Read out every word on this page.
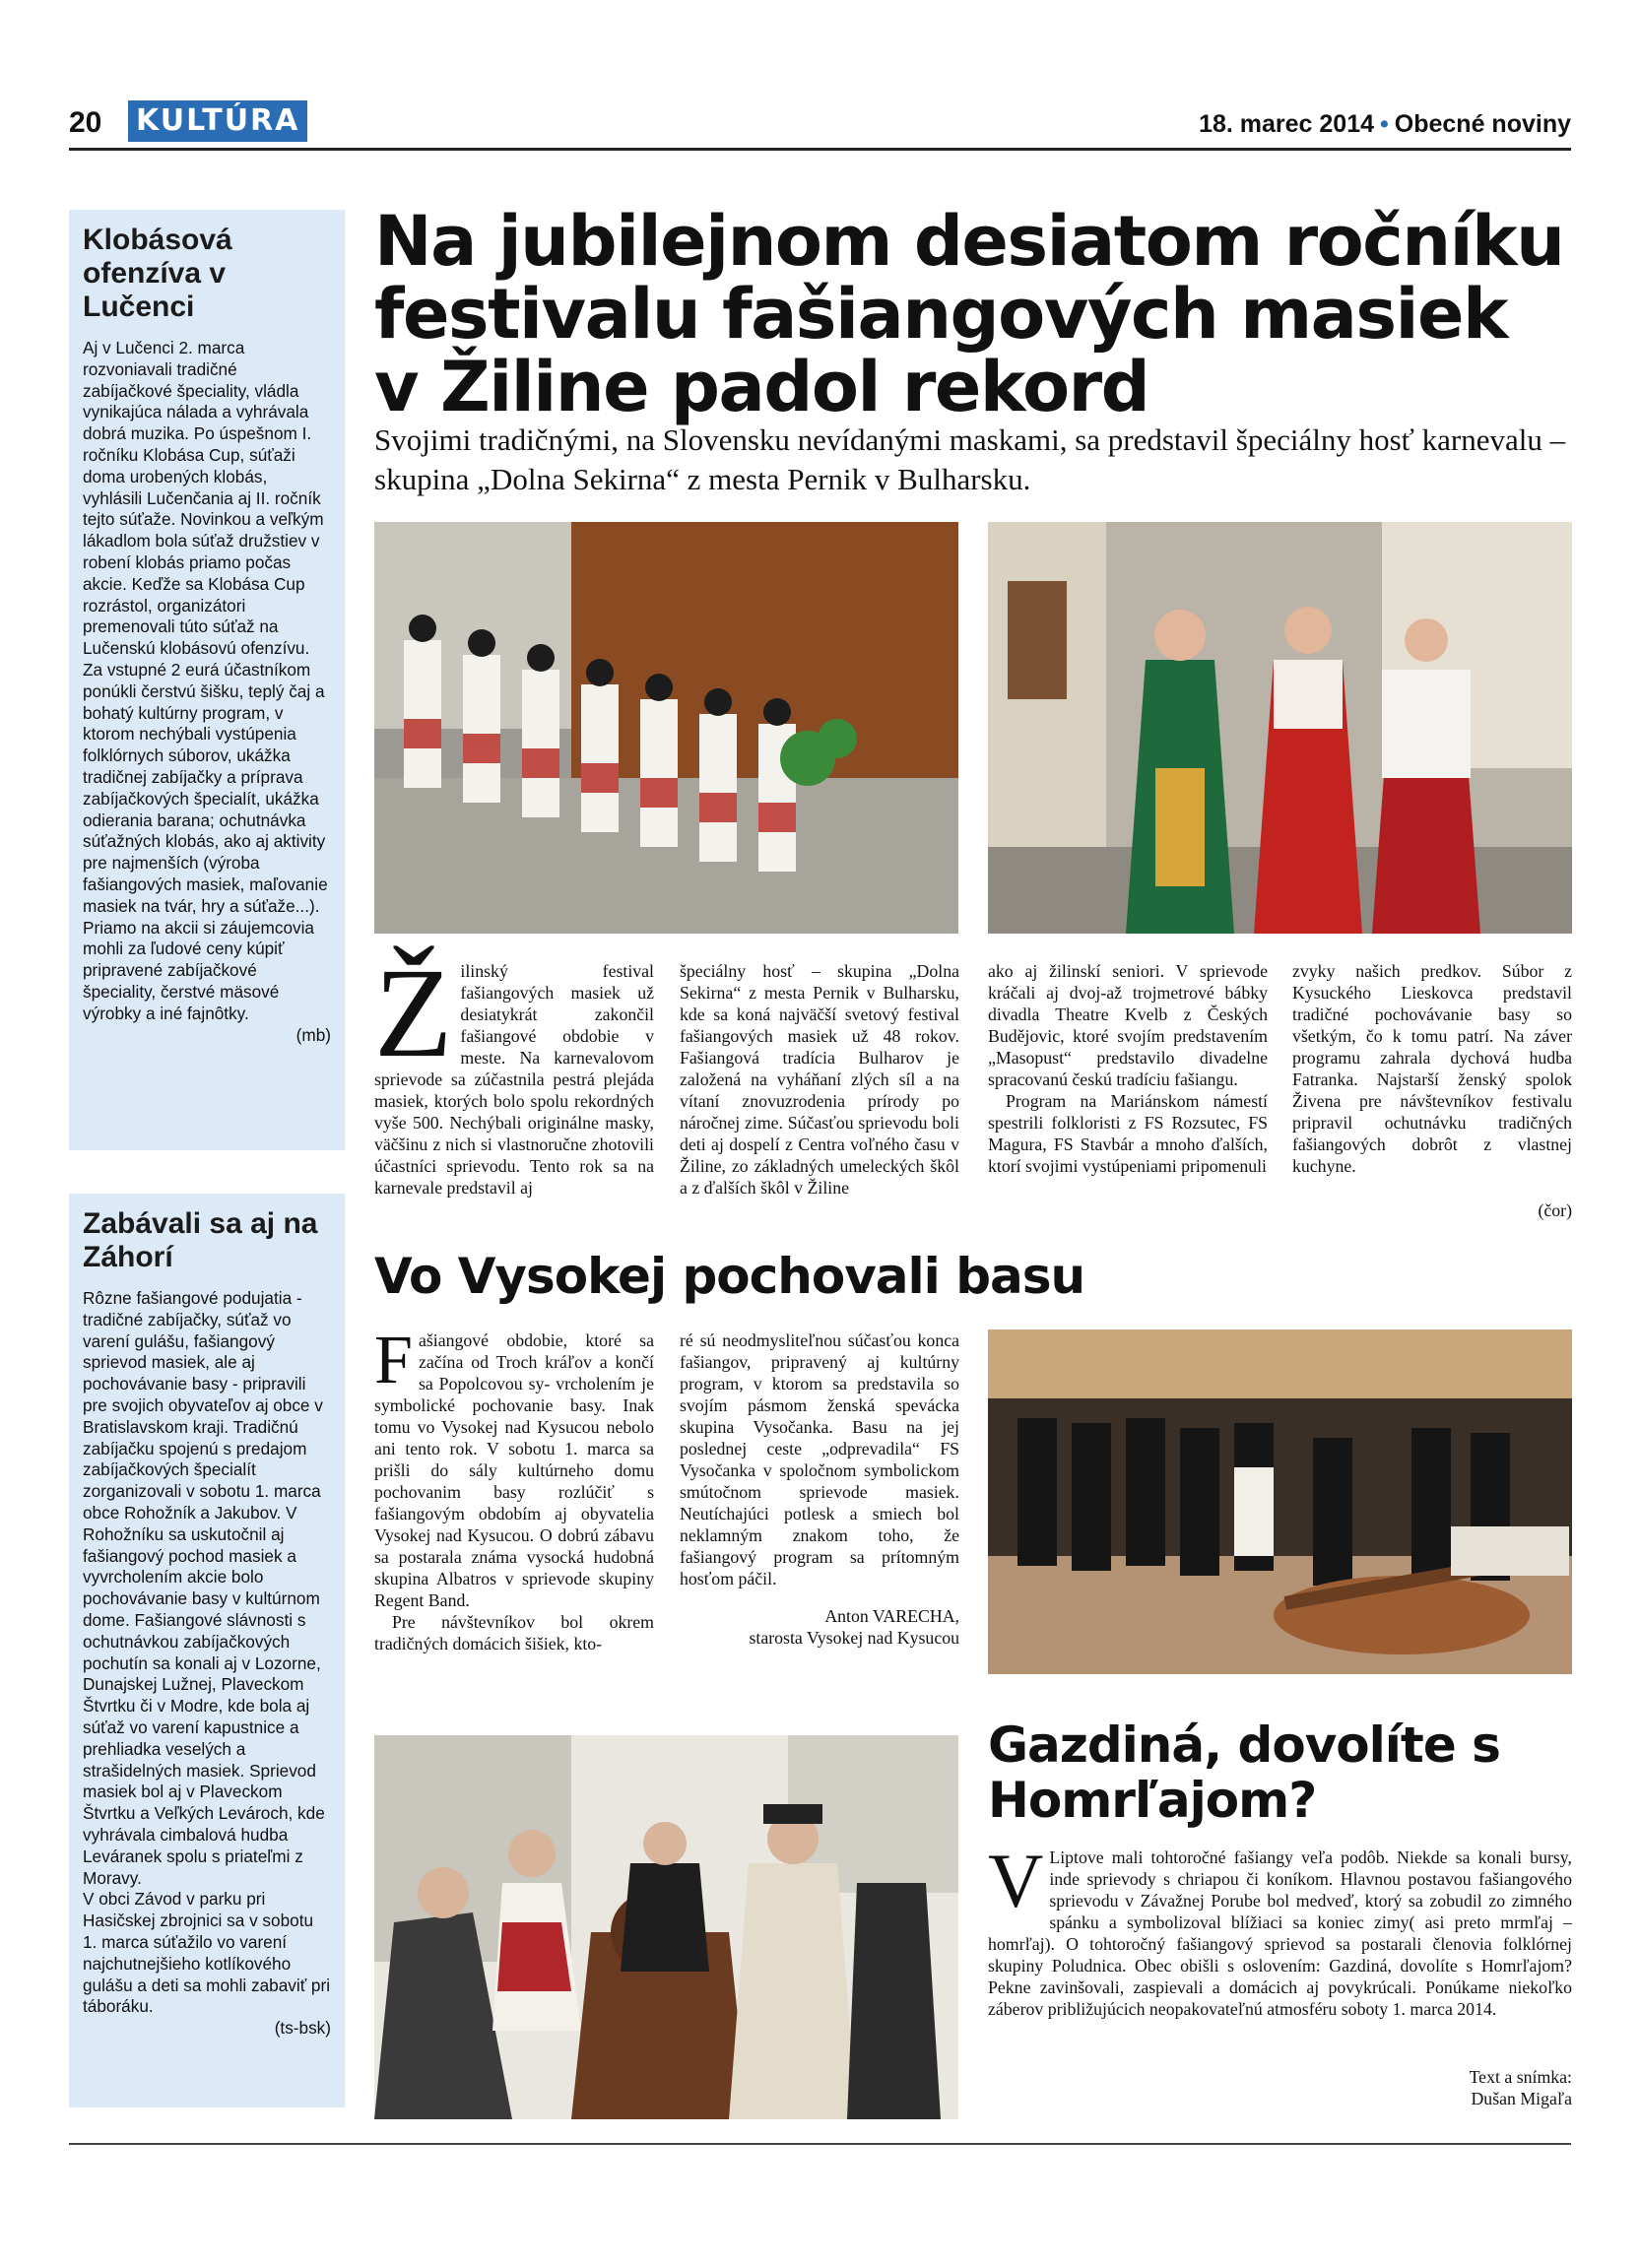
20 KULTÚRA	18. marec 2014 • Obecné noviny
Klobásová ofenzíva v Lučenci

Aj v Lučenci 2. marca rozvoniavali tradičné zabíjačkové špeciality, vládla vynikajúca nálada a vyhrávala dobrá muzika. Po úspešnom I. ročníku Klobása Cup, súťaži doma urobených klobás, vyhlásili Lučenčania aj II. ročník tejto súťaže. Novinkou a veľkým lákadlom bola súťaž družstiev v robení klobás priamo počas akcie. Keďže sa Klobása Cup rozrástol, organizátori premenovali túto súťaž na Lučenskú klobásovú ofenzívu. Za vstupné 2 eurá účastníkom ponúkli čerstvú šišku, teplý čaj a bohatý kultúrny program, v ktorom nechýbali vystúpenia folklórnych súborov, ukážka tradičnej zabíjačky a príprava zabíjačkových špecialít, ukážka odierania barana; ochutnávka súťažných klobás, ako aj aktivity pre najmenších (výroba fašiangových masiek, maľovanie masiek na tvár, hry a súťaže...). Priamo na akcii si záujemcovia mohli za ľudové ceny kúpiť pripravené zabíjačkové špeciality, čerstvé mäsové výrobky a iné fajnôtky.

(mb)

Zabávali sa aj na Záhorí

Rôzne fašiangové podujatia - tradičné zabíjačky, súťaž vo varení gulášu, fašiangový sprievod masiek, ale aj pochovávanie basy - pripravili pre svojich obyvateľov aj obce v Bratislavskom kraji. Tradičnú zabíjačku spojenú s predajom zabíjačkových špecialít zorganizovali v sobotu 1. marca obce Rohožník a Jakubov. V Rohožníku sa uskutočnil aj fašiangový pochod masiek a vyvrcholením akcie bolo pochovávanie basy v kultúrnom dome. Fašiangové slávnosti s ochutnávkou zabíjačkových pochutín sa konali aj v Lozorne, Dunajskej Lužnej, Plaveckom Štvrtku či v Modre, kde bola aj súťaž vo varení kapustnice a prehliadka veselých a strašidelných masiek. Sprievod masiek bol aj v Plaveckom Štvrtku a Veľkých Levároch, kde vyhrávala cimbalová hudba Leváranek spolu s priateľmi z Moravy.

V obci Závod v parku pri Hasičskej zbrojnici sa v sobotu 1. marca súťažilo vo varení najchutnejšieho kotlíkového gulášu a deti sa mohli zabaviť pri táboráku.

(ts-bsk)

Na jubilejnom desiatom ročníku festivalu fašiangových masiek v Žiline padol rekord
Svojimi tradičnými, na Slovensku nevídanými maskami, sa predstavil špeciálny hosť karnevalu – skupina „Dolna Sekirna“ z mesta Pernik v Bulharsku.
Žilinský festival fašiangových masiek už desiatykrát zakončil fašiangové obdobie v meste. Na karnevalovom sprievode sa zúčastnila pestrá plejáda masiek, ktorých bolo spolu rekordných vyše 500. Nechýbali originálne masky, väčšinu z nich si vlastnoručne zhotovili účastníci sprievodu. Tento rok sa na karnevale predstavil aj

špeciálny hosť – skupina „Dolna Sekirna“ z mesta Pernik v Bulharsku, kde sa koná najväčší svetový festival fašiangových masiek už 48 rokov. Fašiangová tradícia Bulharov je založená na vyháňaní zlých síl a na vítaní znovuzrodenia prírody po náročnej zime. Súčasťou sprievodu boli deti aj dospelí z Centra voľného času v Žiline, zo základných umeleckých škôl a z ďalších škôl v Žiline

ako aj žilinskí seniori. V sprievode kráčali aj dvoj-až trojmetrové bábky divadla Theatre Kvelb z Českých Budějovic, ktoré svojím predstavením „Masopust“ predstavilo divadelne spracovanú českú tradíciu fašiangu.

Program na Mariánskom námestí spestrili folkloristi z FS Rozsutec, FS Magura, FS Stavbár a mnoho ďalších, ktorí svojimi vystúpeniami pripomenuli

zvyky našich predkov. Súbor z Kysuckého Lieskovca predstavil tradičné pochovávanie basy so všetkým, čo k tomu patrí. Na záver programu zahrala dychová hudba Fatranka. Najstarší ženský spolok Živena pre návštevníkov festivalu pripravil ochutnávku tradičných fašiangových dobrôt z vlastnej kuchyne.

(čor)
Vo Vysokej pochovali basu

Fašiangové obdobie, ktoré sa začína od Troch kráľov a končí sa Popolcovou sy- vrcholením je symbolické pochovanie basy. Inak tomu vo Vysokej nad Kysucou nebolo ani tento rok. V sobotu 1. marca sa prišli do sály kultúrneho domu pochovanim basy rozlúčiť s fašiangovým obdobím aj obyvatelia Vysokej nad Kysucou. O dobrú zábavu sa postarala známa vysocká hudobná skupina Albatros v sprievode skupiny Regent Band.

Pre návštevníkov bol okrem tradičných domácich šišiek, kto-

ré sú neodmysliteľnou súčasťou konca fašiangov, pripravený aj kultúrny program, v ktorom sa predstavila so svojím pásmom ženská spevácka skupina Vysočanka. Basu na jej poslednej ceste „odprevadila“ FS Vysočanka v spoločnom symbolickom smútočnom sprievode masiek. Neutíchajúci potlesk a smiech bol neklamným znakom toho, že fašiangový program sa prítomným hosťom páčil.

Anton VARECHA,

starosta Vysokej nad Kysucou

Gazdiná, dovolíte s Homrľajom?

V Liptove mali tohtoročné fašiangy veľa podôb. Niekde sa konali bursy, inde sprievody s chriapou či koníkom. Hlavnou postavou fašiangového sprievodu v Závažnej Porube bol medveď, ktorý sa zobudil zo zimného spánku a symbolizoval blížiaci sa koniec zimy( asi preto mrmľaj – homrľaj). O tohtoročný fašiangový sprievod sa postarali členovia folklórnej skupiny Poludnica. Obec obišli s oslovením: Gazdiná, dovolíte s Homrľajom? Pekne zavinšovali, zaspievali a domácich aj povykrúcali. Ponúkame niekoľko záberov približujúcich neopakovateľnú atmosféru soboty 1. marca 2014.

Text a snímka:

Dušan Migaľa
